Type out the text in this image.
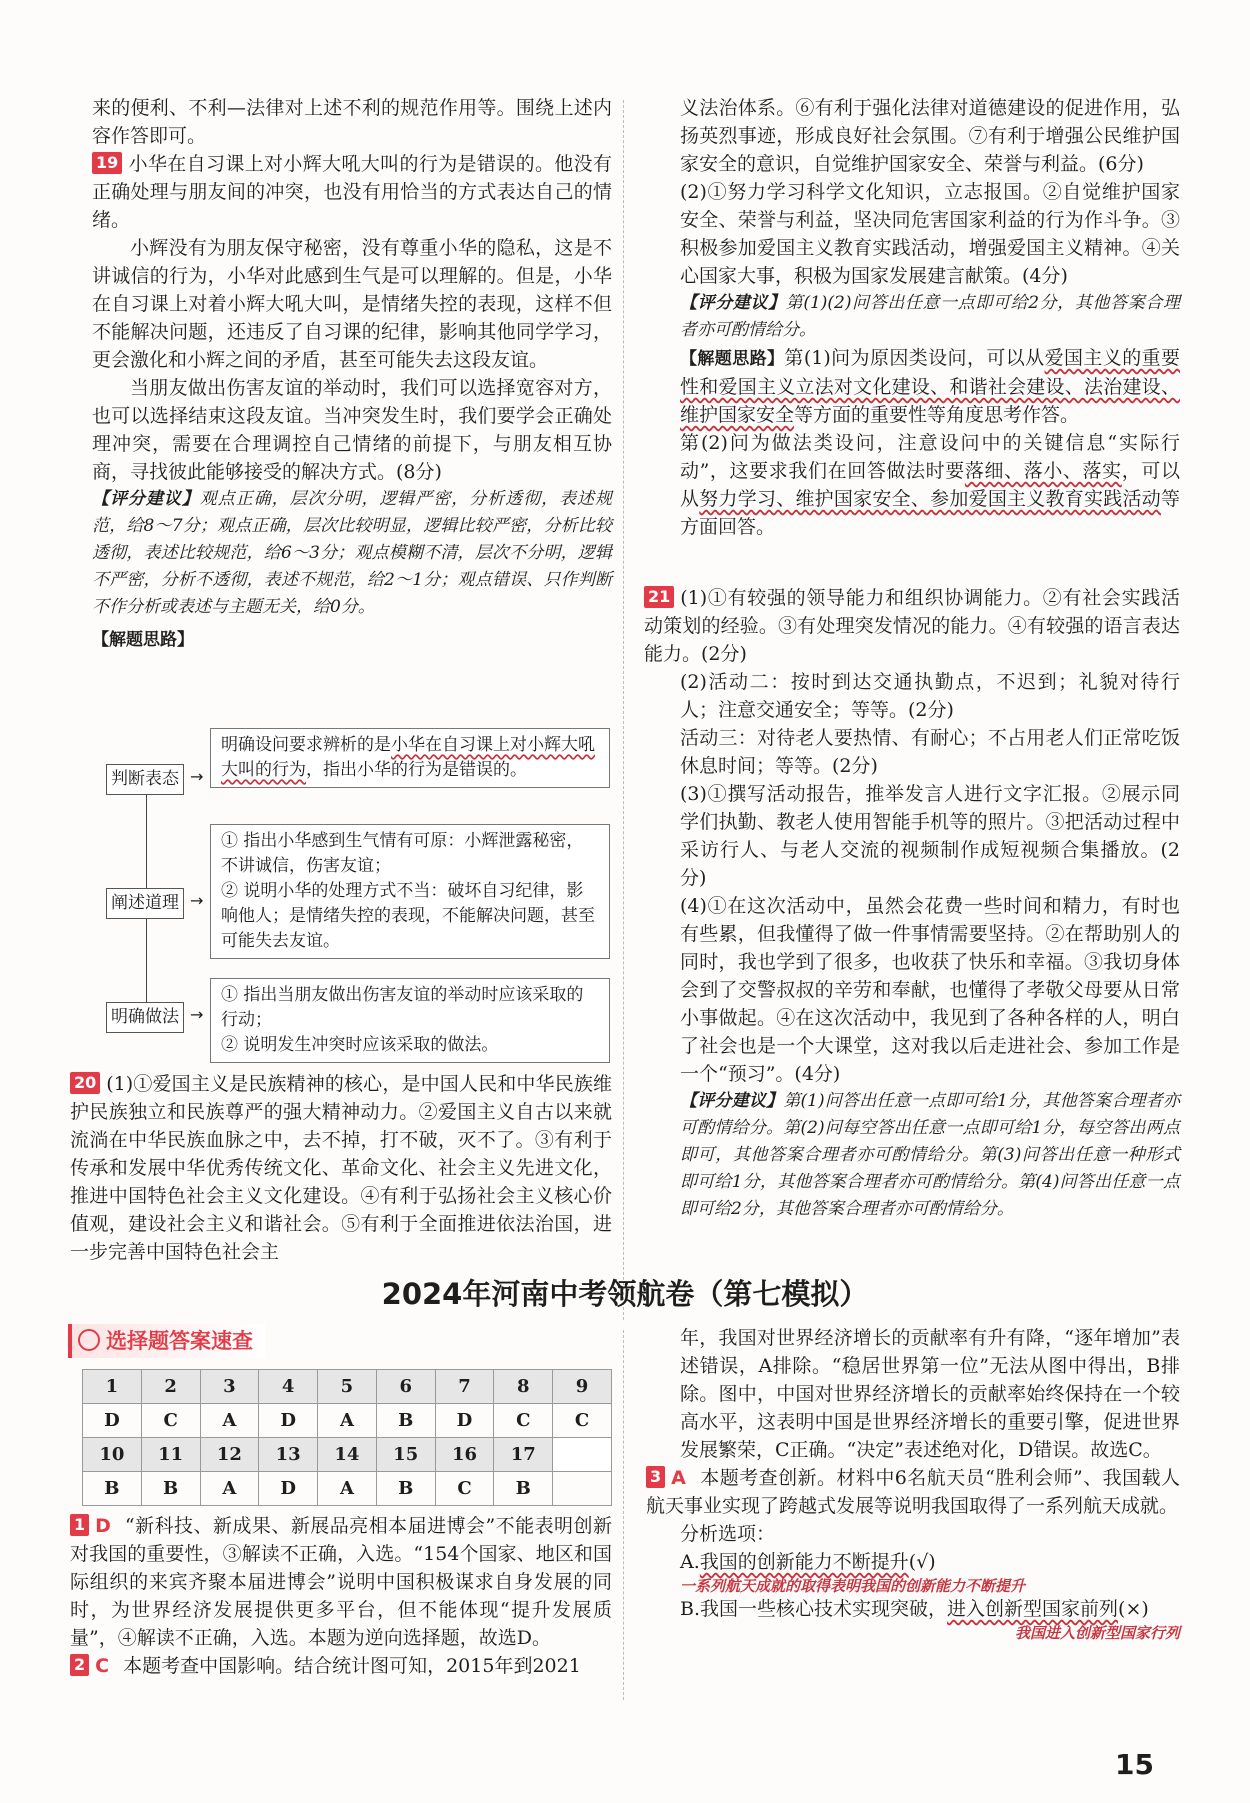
来的便利、不利—法律对上述不利的规范作用等。围绕上述内容作答即可。

19 小华在自习课上对小辉大吼大叫的行为是错误的。他没有正确处理与朋友间的冲突，也没有用恰当的方式表达自己的情绪。

小辉没有为朋友保守秘密，没有尊重小华的隐私，这是不讲诚信的行为，小华对此感到生气是可以理解的。但是，小华在自习课上对着小辉大吼大叫，是情绪失控的表现，这样不但不能解决问题，还违反了自习课的纪律，影响其他同学学习，更会激化和小辉之间的矛盾，甚至可能失去这段友谊。

当朋友做出伤害友谊的举动时，我们可以选择宽容对方，也可以选择结束这段友谊。当冲突发生时，我们要学会正确处理冲突，需要在合理调控自己情绪的前提下，与朋友相互协商，寻找彼此能够接受的解决方式。(8分)

【评分建议】观点正确，层次分明，逻辑严密，分析透彻，表述规范，给8～7分；观点正确，层次比较明显，逻辑比较严密，分析比较透彻，表述比较规范，给6～3分；观点模糊不清，层次不分明，逻辑不严密，分析不透彻，表述不规范，给2～1分；观点错误、只作判断不作分析或表述与主题无关，给0分。

【解题思路】

判断表态 →
明确设问要求辨析的是小华在自习课上对小辉大吼大叫的行为，指出小华的行为是错误的。
阐述道理 →
① 指出小华感到生气情有可原：小辉泄露秘密，不讲诚信，伤害友谊；
② 说明小华的处理方式不当：破坏自习纪律，影响他人；是情绪失控的表现，不能解决问题，甚至可能失去友谊。
明确做法 →
① 指出当朋友做出伤害友谊的举动时应该采取的行动；
② 说明发生冲突时应该采取的做法。

20 (1)①爱国主义是民族精神的核心，是中国人民和中华民族维护民族独立和民族尊严的强大精神动力。②爱国主义自古以来就流淌在中华民族血脉之中，去不掉，打不破，灭不了。③有利于传承和发展中华优秀传统文化、革命文化、社会主义先进文化，推进中国特色社会主义文化建设。④有利于弘扬社会主义核心价值观，建设社会主义和谐社会。⑤有利于全面推进依法治国，进一步完善中国特色社会主

义法治体系。⑥有利于强化法律对道德建设的促进作用，弘扬英烈事迹，形成良好社会氛围。⑦有利于增强公民维护国家安全的意识，自觉维护国家安全、荣誉与利益。(6分)

(2)①努力学习科学文化知识，立志报国。②自觉维护国家安全、荣誉与利益，坚决同危害国家利益的行为作斗争。③积极参加爱国主义教育实践活动，增强爱国主义精神。④关心国家大事，积极为国家发展建言献策。(4分)

【评分建议】第(1)(2)问答出任意一点即可给2分，其他答案合理者亦可酌情给分。

【解题思路】第(1)问为原因类设问，可以从爱国主义的重要性和爱国主义立法对文化建设、和谐社会建设、法治建设、维护国家安全等方面的重要性等角度思考作答。

第(2)问为做法类设问，注意设问中的关键信息“实际行动”，这要求我们在回答做法时要落细、落小、落实，可以从努力学习、维护国家安全、参加爱国主义教育实践活动等方面回答。

21 (1)①有较强的领导能力和组织协调能力。②有社会实践活动策划的经验。③有处理突发情况的能力。④有较强的语言表达能力。(2分)

(2)活动二：按时到达交通执勤点，不迟到；礼貌对待行人；注意交通安全；等等。(2分)

活动三：对待老人要热情、有耐心；不占用老人们正常吃饭休息时间；等等。(2分)

(3)①撰写活动报告，推举发言人进行文字汇报。②展示同学们执勤、教老人使用智能手机等的照片。③把活动过程中采访行人、与老人交流的视频制作成短视频合集播放。(2分)

(4)①在这次活动中，虽然会花费一些时间和精力，有时也有些累，但我懂得了做一件事情需要坚持。②在帮助别人的同时，我也学到了很多，也收获了快乐和幸福。③我切身体会到了交警叔叔的辛劳和奉献，也懂得了孝敬父母要从日常小事做起。④在这次活动中，我见到了各种各样的人，明白了社会也是一个大课堂，这对我以后走进社会、参加工作是一个“预习”。(4分)

【评分建议】第(1)问答出任意一点即可给1分，其他答案合理者亦可酌情给分。第(2)问每空答出任意一点即可给1分，每空答出两点即可，其他答案合理者亦可酌情给分。第(3)问答出任意一种形式即可给1分，其他答案合理者亦可酌情给分。第(4)问答出任意一点即可给2分，其他答案合理者亦可酌情给分。

2024年河南中考领航卷（第七模拟）
选择题答案速查
1	2	3	4	5	6	7	8	9
D	C	A	D	A	B	D	C	C
10	11	12	13	14	15	16	17	
B	B	A	D	A	B	C	B	

1 D “新科技、新成果、新展品亮相本届进博会”不能表明创新对我国的重要性，③解读不正确，入选。“154个国家、地区和国际组织的来宾齐聚本届进博会”说明中国积极谋求自身发展的同时，为世界经济发展提供更多平台，但不能体现“提升发展质量”，④解读不正确，入选。本题为逆向选择题，故选D。

2 C 本题考查中国影响。结合统计图可知，2015年到2021

年，我国对世界经济增长的贡献率有升有降，“逐年增加”表述错误，A排除。“稳居世界第一位”无法从图中得出，B排除。图中，中国对世界经济增长的贡献率始终保持在一个较高水平，这表明中国是世界经济增长的重要引擎，促进世界发展繁荣，C正确。“决定”表述绝对化，D错误。故选C。

3 A 本题考查创新。材料中6名航天员“胜利会师”、我国载人航天事业实现了跨越式发展等说明我国取得了一系列航天成就。

分析选项：

A.我国的创新能力不断提升(√)

一系列航天成就的取得表明我国的创新能力不断提升

B.我国一些核心技术实现突破，进入创新型国家前列(×)

我国进入创新型国家行列

15
